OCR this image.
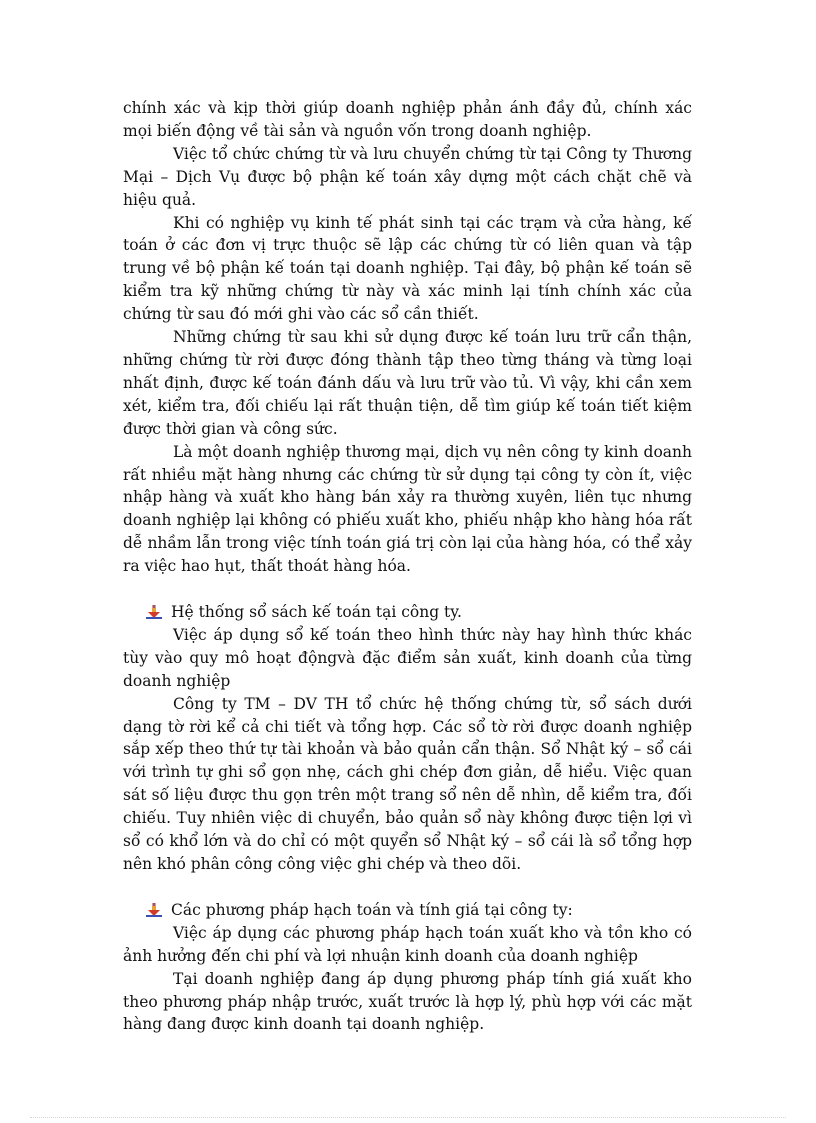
chính xác và kịp thời giúp doanh nghiệp phản ánh đầy đủ, chính xác mọi biến động về tài sản và nguồn vốn trong doanh nghiệp.

Việc tổ chức chứng từ và lưu chuyển chứng từ tại Công ty Thương Mại – Dịch Vụ được bộ phận kế toán xây dựng một cách chặt chẽ và hiệu quả.

Khi có nghiệp vụ kinh tế phát sinh tại các trạm và cửa hàng, kế toán ở các đơn vị trực thuộc sẽ lập các chứng từ có liên quan và tập trung về bộ phận kế toán tại doanh nghiệp. Tại đây, bộ phận kế toán sẽ kiểm tra kỹ những chứng từ này và xác minh lại tính chính xác của chứng từ sau đó mới ghi vào các sổ cần thiết.

Những chứng từ sau khi sử dụng được kế toán lưu trữ cẩn thận, những chứng từ rời được đóng thành tập theo từng tháng và từng loại nhất định, được kế toán đánh dấu và lưu trữ vào tủ. Vì vậy, khi cần xem xét, kiểm tra, đối chiếu lại rất thuận tiện, dễ tìm giúp kế toán tiết kiệm được thời gian và công sức.

Là một doanh nghiệp thương mại, dịch vụ nên công ty kinh doanh rất nhiều mặt hàng nhưng các chứng từ sử dụng tại công ty còn ít, việc nhập hàng và xuất kho hàng bán xảy ra thường xuyên, liên tục nhưng doanh nghiệp lại không có phiếu xuất kho, phiếu nhập kho hàng hóa rất dễ nhầm lẫn trong việc tính toán giá trị còn lại của hàng hóa, có thể xảy ra việc hao hụt, thất thoát hàng hóa.

Hệ thống sổ sách kế toán tại công ty.

Việc áp dụng sổ kế toán theo hình thức này hay hình thức khác tùy vào quy mô hoạt độngvà đặc điểm sản xuất, kinh doanh của từng doanh nghiệp

Công ty TM – DV TH tổ chức hệ thống chứng từ, sổ sách dưới dạng tờ rời kể cả chi tiết và tổng hợp. Các sổ tờ rời được doanh nghiệp sắp xếp theo thứ tự tài khoản và bảo quản cẩn thận. Sổ Nhật ký – sổ cái với trình tự ghi sổ gọn nhẹ, cách ghi chép đơn giản, dễ hiểu. Việc quan sát số liệu được thu gọn trên một trang sổ nên dễ nhìn, dễ kiểm tra, đối chiếu. Tuy nhiên việc di chuyển, bảo quản sổ này không được tiện lợi vì sổ có khổ lớn và do chỉ có một quyển sổ Nhật ký – sổ cái là sổ tổng hợp nên khó phân công công việc ghi chép và theo dõi.

Các phương pháp hạch toán và tính giá tại công ty:

Việc áp dụng các phương pháp hạch toán xuất kho và tồn kho có ảnh hưởng đến chi phí và lợi nhuận kinh doanh của doanh nghiệp

Tại doanh nghiệp đang áp dụng phương pháp tính giá xuất kho theo phương pháp nhập trước, xuất trước là hợp lý, phù hợp với các mặt hàng đang được kinh doanh tại doanh nghiệp.
